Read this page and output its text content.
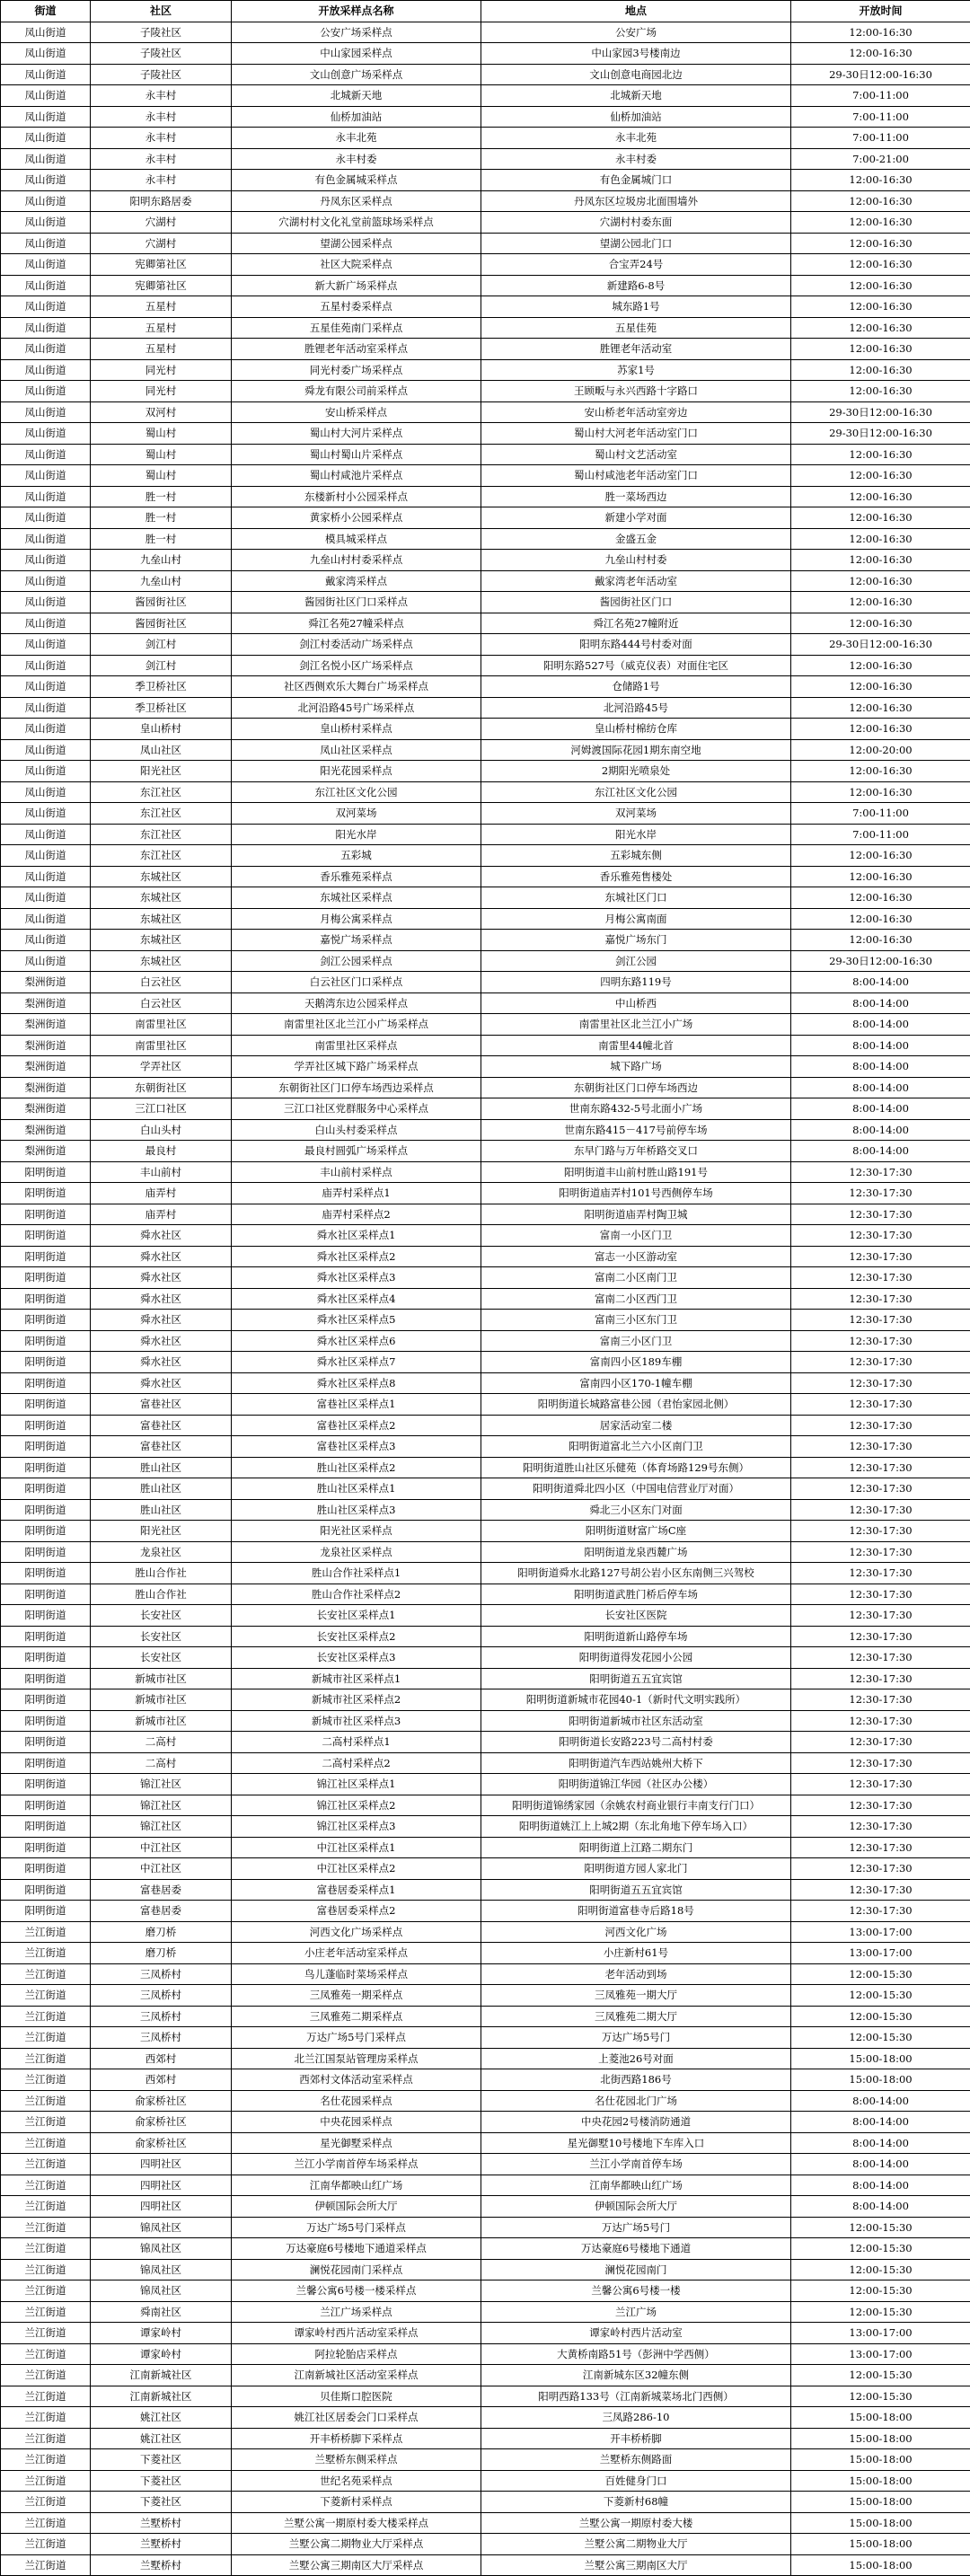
街道	社区	开放采样点名称	地点	开放时间
凤山街道	子陵社区	公安广场采样点	公安广场	12:00-16:30
凤山街道	子陵社区	中山家园采样点	中山家园3号楼南边	12:00-16:30
凤山街道	子陵社区	文山创意广场采样点	文山创意电商园北边	29-30日12:00-16:30
凤山街道	永丰村	北城新天地	北城新天地	7:00-11:00
凤山街道	永丰村	仙桥加油站	仙桥加油站	7:00-11:00
凤山街道	永丰村	永丰北苑	永丰北苑	7:00-11:00
凤山街道	永丰村	永丰村委	永丰村委	7:00-21:00
凤山街道	永丰村	有色金属城采样点	有色金属城门口	12:00-16:30
凤山街道	阳明东路居委	丹凤东区采样点	丹凤东区垃圾房北面围墙外	12:00-16:30
凤山街道	穴湖村	穴湖村村文化礼堂前篮球场采样点	穴湖村村委东面	12:00-16:30
凤山街道	穴湖村	望湖公园采样点	望湖公园北门口	12:00-16:30
凤山街道	宪卿第社区	社区大院采样点	合宝弄24号	12:00-16:30
凤山街道	宪卿第社区	新大新广场采样点	新建路6-8号	12:00-16:30
凤山街道	五星村	五星村委采样点	城东路1号	12:00-16:30
凤山街道	五星村	五星佳苑南门采样点	五星佳苑	12:00-16:30
凤山街道	五星村	胜锂老年活动室采样点	胜锂老年活动室	12:00-16:30
凤山街道	同光村	同光村委广场采样点	苏家1号	12:00-16:30
凤山街道	同光村	舜龙有限公司前采样点	王顾畈与永兴西路十字路口	12:00-16:30
凤山街道	双河村	安山桥采样点	安山桥老年活动室旁边	29-30日12:00-16:30
凤山街道	蜀山村	蜀山村大河片采样点	蜀山村大河老年活动室门口	29-30日12:00-16:30
凤山街道	蜀山村	蜀山村蜀山片采样点	蜀山村文艺活动室	12:00-16:30
凤山街道	蜀山村	蜀山村咸池片采样点	蜀山村咸池老年活动室门口	12:00-16:30
凤山街道	胜一村	东楼新村小公园采样点	胜一菜场西边	12:00-16:30
凤山街道	胜一村	黄家桥小公园采样点	新建小学对面	12:00-16:30
凤山街道	胜一村	模具城采样点	金盛五金	12:00-16:30
凤山街道	九垒山村	九垒山村村委采样点	九垒山村村委	12:00-16:30
凤山街道	九垒山村	戴家湾采样点	戴家湾老年活动室	12:00-16:30
凤山街道	酱园街社区	酱园街社区门口采样点	酱园街社区门口	12:00-16:30
凤山街道	酱园街社区	舜江名苑27幢采样点	舜江名苑27幢附近	12:00-16:30
凤山街道	剑江村	剑江村委活动广场采样点	阳明东路444号村委对面	29-30日12:00-16:30
凤山街道	剑江村	剑江名悦小区广场采样点	阳明东路527号（威克仪表）对面住宅区	12:00-16:30
凤山街道	季卫桥社区	社区西侧欢乐大舞台广场采样点	仓储路1号	12:00-16:30
凤山街道	季卫桥社区	北河沿路45号广场采样点	北河沿路45号	12:00-16:30
凤山街道	皇山桥村	皇山桥村采样点	皇山桥村棉纺仓库	12:00-16:30
凤山街道	凤山社区	凤山社区采样点	河姆渡国际花园1期东南空地	12:00-20:00
凤山街道	阳光社区	阳光花园采样点	2期阳光喷泉处	12:00-16:30
凤山街道	东江社区	东江社区文化公园	东江社区文化公园	12:00-16:30
凤山街道	东江社区	双河菜场	双河菜场	7:00-11:00
凤山街道	东江社区	阳光水岸	阳光水岸	7:00-11:00
凤山街道	东江社区	五彩城	五彩城东侧	12:00-16:30
凤山街道	东城社区	香乐雅苑采样点	香乐雅苑售楼处	12:00-16:30
凤山街道	东城社区	东城社区采样点	东城社区门口	12:00-16:30
凤山街道	东城社区	月梅公寓采样点	月梅公寓南面	12:00-16:30
凤山街道	东城社区	嘉悦广场采样点	嘉悦广场东门	12:00-16:30
凤山街道	东城社区	剑江公园采样点	剑江公园	29-30日12:00-16:30
梨洲街道	白云社区	白云社区门口采样点	四明东路119号	8:00-14:00
梨洲街道	白云社区	天鹅湾东边公园采样点	中山桥西	8:00-14:00
梨洲街道	南雷里社区	南雷里社区北兰江小广场采样点	南雷里社区北兰江小广场	8:00-14:00
梨洲街道	南雷里社区	南雷里社区采样点	南雷里44幢北首	8:00-14:00
梨洲街道	学弄社区	学弄社区城下路广场采样点	城下路广场	8:00-14:00
梨洲街道	东朝街社区	东朝街社区门口停车场西边采样点	东朝街社区门口停车场西边	8:00-14:00
梨洲街道	三江口社区	三江口社区党群服务中心采样点	世南东路432-5号北面小广场	8:00-14:00
梨洲街道	白山头村	白山头村委采样点	世南东路415－417号前停车场	8:00-14:00
梨洲街道	最良村	最良村圆弧广场采样点	东早门路与万年桥路交叉口	8:00-14:00
阳明街道	丰山前村	丰山前村采样点	阳明街道丰山前村胜山路191号	12:30-17:30
阳明街道	庙弄村	庙弄村采样点1	阳明街道庙弄村101号西侧停车场	12:30-17:30
阳明街道	庙弄村	庙弄村采样点2	阳明街道庙弄村陶卫城	12:30-17:30
阳明街道	舜水社区	舜水社区采样点1	富南一小区门卫	12:30-17:30
阳明街道	舜水社区	舜水社区采样点2	富志一小区游动室	12:30-17:30
阳明街道	舜水社区	舜水社区采样点3	富南二小区南门卫	12:30-17:30
阳明街道	舜水社区	舜水社区采样点4	富南二小区西门卫	12:30-17:30
阳明街道	舜水社区	舜水社区采样点5	富南三小区东门卫	12:30-17:30
阳明街道	舜水社区	舜水社区采样点6	富南三小区门卫	12:30-17:30
阳明街道	舜水社区	舜水社区采样点7	富南四小区189车棚	12:30-17:30
阳明街道	舜水社区	舜水社区采样点8	富南四小区170-1幢车棚	12:30-17:30
阳明街道	富巷社区	富巷社区采样点1	阳明街道长城路富巷公园（君怡家园北侧）	12:30-17:30
阳明街道	富巷社区	富巷社区采样点2	居家活动室二楼	12:30-17:30
阳明街道	富巷社区	富巷社区采样点3	阳明街道富北兰六小区南门卫	12:30-17:30
阳明街道	胜山社区	胜山社区采样点2	阳明街道胜山社区乐健苑（体育场路129号东侧）	12:30-17:30
阳明街道	胜山社区	胜山社区采样点1	阳明街道舜北四小区（中国电信营业厅对面）	12:30-17:30
阳明街道	胜山社区	胜山社区采样点3	舜北三小区东门对面	12:30-17:30
阳明街道	阳光社区	阳光社区采样点	阳明街道财富广场C座	12:30-17:30
阳明街道	龙泉社区	龙泉社区采样点	阳明街道龙泉西麓广场	12:30-17:30
阳明街道	胜山合作社	胜山合作社采样点1	阳明街道舜水北路127号胡公岩小区东南侧三兴驾校	12:30-17:30
阳明街道	胜山合作社	胜山合作社采样点2	阳明街道武胜门桥后停车场	12:30-17:30
阳明街道	长安社区	长安社区采样点1	长安社区医院	12:30-17:30
阳明街道	长安社区	长安社区采样点2	阳明街道新山路停车场	12:30-17:30
阳明街道	长安社区	长安社区采样点3	阳明街道得发花园小公园	12:30-17:30
阳明街道	新城市社区	新城市社区采样点1	阳明街道五五宜宾馆	12:30-17:30
阳明街道	新城市社区	新城市社区采样点2	阳明街道新城市花园40-1（新时代文明实践所）	12:30-17:30
阳明街道	新城市社区	新城市社区采样点3	阳明街道新城市社区东活动室	12:30-17:30
阳明街道	二高村	二高村采样点1	阳明街道长安路223号二高村村委	12:30-17:30
阳明街道	二高村	二高村采样点2	阳明街道汽车西站姚州大桥下	12:30-17:30
阳明街道	锦江社区	锦江社区采样点1	阳明街道锦江华园（社区办公楼）	12:30-17:30
阳明街道	锦江社区	锦江社区采样点2	阳明街道锦绣家园（余姚农村商业银行丰南支行门口）	12:30-17:30
阳明街道	锦江社区	锦江社区采样点3	阳明街道姚江上上城2期（东北角地下停车场入口）	12:30-17:30
阳明街道	中江社区	中江社区采样点1	阳明街道上江路二期东门	12:30-17:30
阳明街道	中江社区	中江社区采样点2	阳明街道方园人家北门	12:30-17:30
阳明街道	富巷居委	富巷居委采样点1	阳明街道五五宜宾馆	12:30-17:30
阳明街道	富巷居委	富巷居委采样点2	阳明街道富巷寺后路18号	12:30-17:30
兰江街道	磨刀桥	河西文化广场采样点	河西文化广场	13:00-17:00
兰江街道	磨刀桥	小庄老年活动室采样点	小庄新村61号	13:00-17:00
兰江街道	三凤桥村	鸟儿蓬临时菜场采样点	老年活动到场	12:00-15:30
兰江街道	三凤桥村	三凤雅苑一期采样点	三凤雅苑一期大厅	12:00-15:30
兰江街道	三凤桥村	三凤雅苑二期采样点	三凤雅苑二期大厅	12:00-15:30
兰江街道	三凤桥村	万达广场5号门采样点	万达广场5号门	12:00-15:30
兰江街道	西郊村	北兰江国泵站管理房采样点	上菱池26号对面	15:00-18:00
兰江街道	西郊村	西郊村文体活动室采样点	北街西路186号	15:00-18:00
兰江街道	俞家桥社区	名仕花园采样点	名仕花园北门广场	8:00-14:00
兰江街道	俞家桥社区	中央花园采样点	中央花园2号楼消防通道	8:00-14:00
兰江街道	俞家桥社区	星光御墅采样点	星光御墅10号楼地下车库入口	8:00-14:00
兰江街道	四明社区	兰江小学南首停车场采样点	兰江小学南首停车场	8:00-14:00
兰江街道	四明社区	江南华都映山红广场	江南华都映山红广场	8:00-14:00
兰江街道	四明社区	伊顿国际会所大厅	伊顿国际会所大厅	8:00-14:00
兰江街道	锦凤社区	万达广场5号门采样点	万达广场5号门	12:00-15:30
兰江街道	锦凤社区	万达豪庭6号楼地下通道采样点	万达豪庭6号楼地下通道	12:00-15:30
兰江街道	锦凤社区	澜悦花园南门采样点	澜悦花园南门	12:00-15:30
兰江街道	锦凤社区	兰馨公寓6号楼一楼采样点	兰馨公寓6号楼一楼	12:00-15:30
兰江街道	舜南社区	兰江广场采样点	兰江广场	12:00-15:30
兰江街道	谭家岭村	谭家岭村西片活动室采样点	谭家岭村西片活动室	13:00-17:00
兰江街道	谭家岭村	阿拉轮胎店采样点	大黄桥南路51号（彭洲中学西侧）	13:00-17:00
兰江街道	江南新城社区	江南新城社区活动室采样点	江南新城东区32幢东侧	12:00-15:30
兰江街道	江南新城社区	贝佳斯口腔医院	阳明西路133号（江南新城菜场北门西侧）	12:00-15:30
兰江街道	姚江社区	姚江社区居委会门口采样点	三凤路286-10	15:00-18:00
兰江街道	姚江社区	开丰桥桥脚下采样点	开丰桥桥脚	15:00-18:00
兰江街道	下菱社区	兰墅桥东侧采样点	兰墅桥东侧路面	15:00-18:00
兰江街道	下菱社区	世纪名苑采样点	百姓健身门口	15:00-18:00
兰江街道	下菱社区	下菱新村采样点	下菱新村68幢	15:00-18:00
兰江街道	兰墅桥村	兰墅公寓一期原村委大楼采样点	兰墅公寓一期原村委大楼	15:00-18:00
兰江街道	兰墅桥村	兰墅公寓二期物业大厅采样点	兰墅公寓二期物业大厅	15:00-18:00
兰江街道	兰墅桥村	兰墅公寓三期南区大厅采样点	兰墅公寓三期南区大厅	15:00-18:00
